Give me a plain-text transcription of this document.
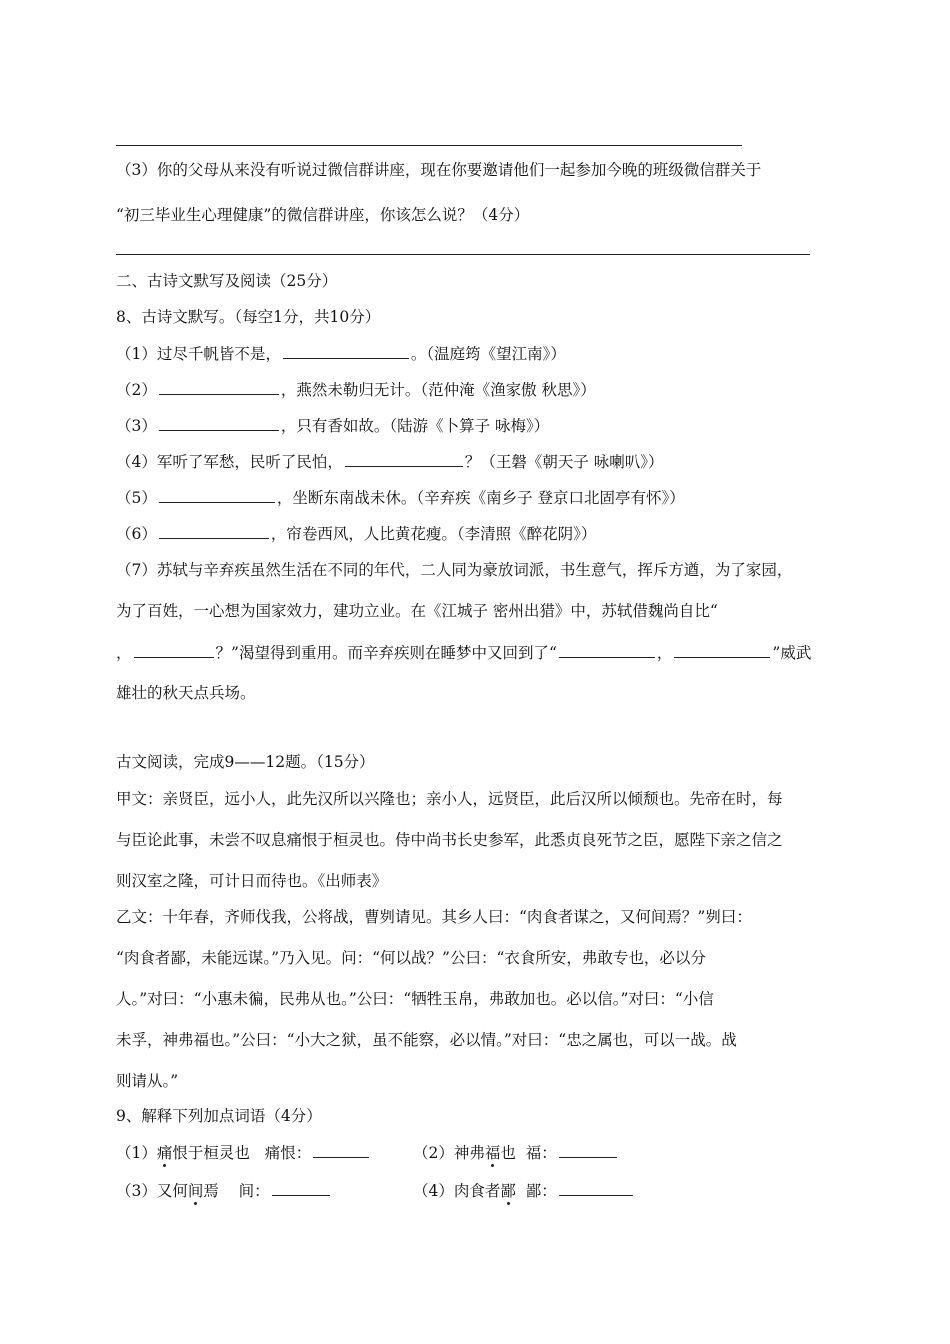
（3）你的父母从来没有听说过微信群讲座，现在你要邀请他们一起参加今晚的班级微信群关于
“初三毕业生心理健康”的微信群讲座，你该怎么说？（4分）
二、古诗文默写及阅读（25分）
8、古诗文默写。（每空1分，共10分）
（1）过尽千帆皆不是，	。（温庭筠《望江南》）
（2）	，燕然未勒归无计。（范仲淹《渔家傲 秋思》）
（3）	，只有香如故。（陆游《卜算子 咏梅》）
（4）军听了军愁，民听了民怕，	？（王磐《朝天子 咏喇叭》）
（5）	，坐断东南战未休。（辛弃疾《南乡子 登京口北固亭有怀》）
（6）	，帘卷西风，人比黄花瘦。（李清照《醉花阴》）
（7）苏轼与辛弃疾虽然生活在不同的年代，二人同为豪放词派，书生意气，挥斥方遒，为了家园，
为了百姓，一心想为国家效力，建功立业。在《江城子 密州出猎》中，苏轼借魏尚自比“
，	？”渴望得到重用。而辛弃疾则在睡梦中又回到了“	，	”威武
雄壮的秋天点兵场。
古文阅读，完成9——12题。（15分）
甲文：亲贤臣，远小人，此先汉所以兴隆也；亲小人，远贤臣，此后汉所以倾颓也。先帝在时，每
与臣论此事，未尝不叹息痛恨于桓灵也。侍中尚书长史参军，此悉贞良死节之臣，愿陛下亲之信之
则汉室之隆，可计日而待也。《出师表》
乙文：十年春，齐师伐我，公将战，曹刿请见。其乡人曰：“肉食者谋之，又何间焉？”刿曰：
“肉食者鄙，未能远谋。”乃入见。问：“何以战？”公曰：“衣食所安，弗敢专也，必以分
人。”对曰：“小惠未徧，民弗从也。”公曰：“牺牲玉帛，弗敢加也。必以信。”对曰：“小信
未孚，神弗福也。”公曰：“小大之狱，虽不能察，必以情。”对曰：“忠之属也，可以一战。战
则请从。”
9、解释下列加点词语（4分）
（1）痛恨于桓灵也 痛恨：	（2）神弗福也 福：
（3）又何间焉 间：	（4）肉食者鄙 鄙：
